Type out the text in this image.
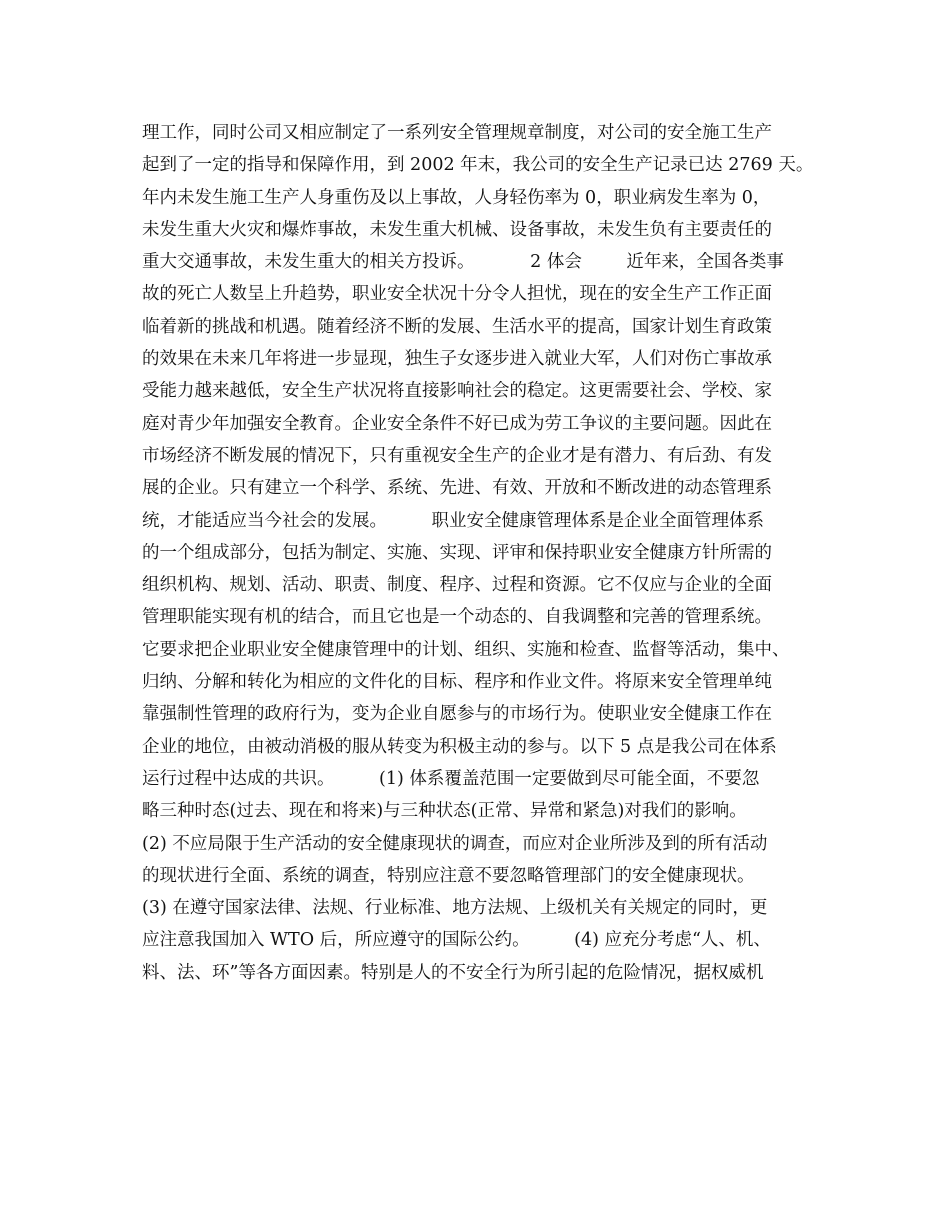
理工作，同时公司又相应制定了一系列安全管理规章制度，对公司的安全施工生产
起到了一定的指导和保障作用，到 2002 年末，我公司的安全生产记录已达 2769 天。
年内未发生施工生产人身重伤及以上事故，人身轻伤率为 0，职业病发生率为 0，
未发生重大火灾和爆炸事故，未发生重大机械、设备事故，未发生负有主要责任的
重大交通事故，未发生重大的相关方投诉。          2 体会        近年来，全国各类事
故的死亡人数呈上升趋势，职业安全状况十分令人担忧，现在的安全生产工作正面
临着新的挑战和机遇。随着经济不断的发展、生活水平的提高，国家计划生育政策
的效果在未来几年将进一步显现，独生子女逐步进入就业大军，人们对伤亡事故承
受能力越来越低，安全生产状况将直接影响社会的稳定。这更需要社会、学校、家
庭对青少年加强安全教育。企业安全条件不好已成为劳工争议的主要问题。因此在
市场经济不断发展的情况下，只有重视安全生产的企业才是有潜力、有后劲、有发
展的企业。只有建立一个科学、系统、先进、有效、开放和不断改进的动态管理系
统，才能适应当今社会的发展。        职业安全健康管理体系是企业全面管理体系
的一个组成部分，包括为制定、实施、实现、评审和保持职业安全健康方针所需的
组织机构、规划、活动、职责、制度、程序、过程和资源。它不仅应与企业的全面
管理职能实现有机的结合，而且它也是一个动态的、自我调整和完善的管理系统。
它要求把企业职业安全健康管理中的计划、组织、实施和检查、监督等活动，集中、
归纳、分解和转化为相应的文件化的目标、程序和作业文件。将原来安全管理单纯
靠强制性管理的政府行为，变为企业自愿参与的市场行为。使职业安全健康工作在
企业的地位，由被动消极的服从转变为积极主动的参与。以下 5 点是我公司在体系
运行过程中达成的共识。        (1) 体系覆盖范围一定要做到尽可能全面，不要忽
略三种时态(过去、现在和将来)与三种状态(正常、异常和紧急)对我们的影响。
(2) 不应局限于生产活动的安全健康现状的调查，而应对企业所涉及到的所有活动
的现状进行全面、系统的调查，特别应注意不要忽略管理部门的安全健康现状。
(3) 在遵守国家法律、法规、行业标准、地方法规、上级机关有关规定的同时，更
应注意我国加入 WTO 后，所应遵守的国际公约。        (4) 应充分考虑“人、机、
料、法、环”等各方面因素。特别是人的不安全行为所引起的危险情况，据权威机
